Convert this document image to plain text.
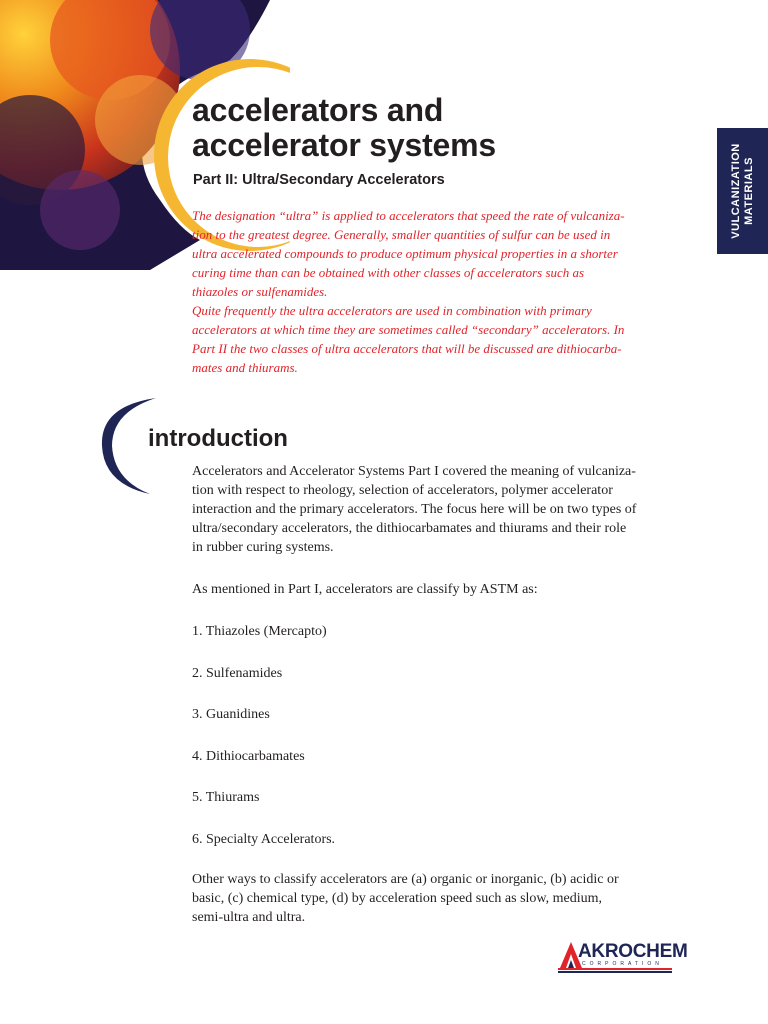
VULCANIZATION MATERIALS
accelerators and
accelerator systems
Part II: Ultra/Secondary Accelerators
The designation “ultra” is applied to accelerators that speed the rate of vulcaniza-
tion to the greatest degree. Generally, smaller quantities of sulfur can be used in
ultra accelerated compounds to produce optimum physical properties in a shorter
curing time than can be obtained with other classes of accelerators such as
thiazoles or sulfenamides.
Quite frequently the ultra accelerators are used in combination with primary
accelerators at which time they are sometimes called “secondary” accelerators. In
Part II the two classes of ultra accelerators that will be discussed are dithiocarba-
mates and thiurams.
introduction
Accelerators and Accelerator Systems Part I covered the meaning of vulcaniza-
tion with respect to rheology, selection of accelerators, polymer accelerator
interaction and the primary accelerators. The focus here will be on two types of
ultra/secondary accelerators, the dithiocarbamates and thiurams and their role
in rubber curing systems.
As mentioned in Part I, accelerators are classify by ASTM as:
1. Thiazoles (Mercapto)
2. Sulfenamides
3. Guanidines
4. Dithiocarbamates
5. Thiurams
6. Specialty Accelerators.
Other ways to classify accelerators are (a) organic or inorganic, (b) acidic or
basic, (c) chemical type, (d) by acceleration speed such as slow, medium,
semi-ultra and ultra.
AKROCHEM
CORPORATION
